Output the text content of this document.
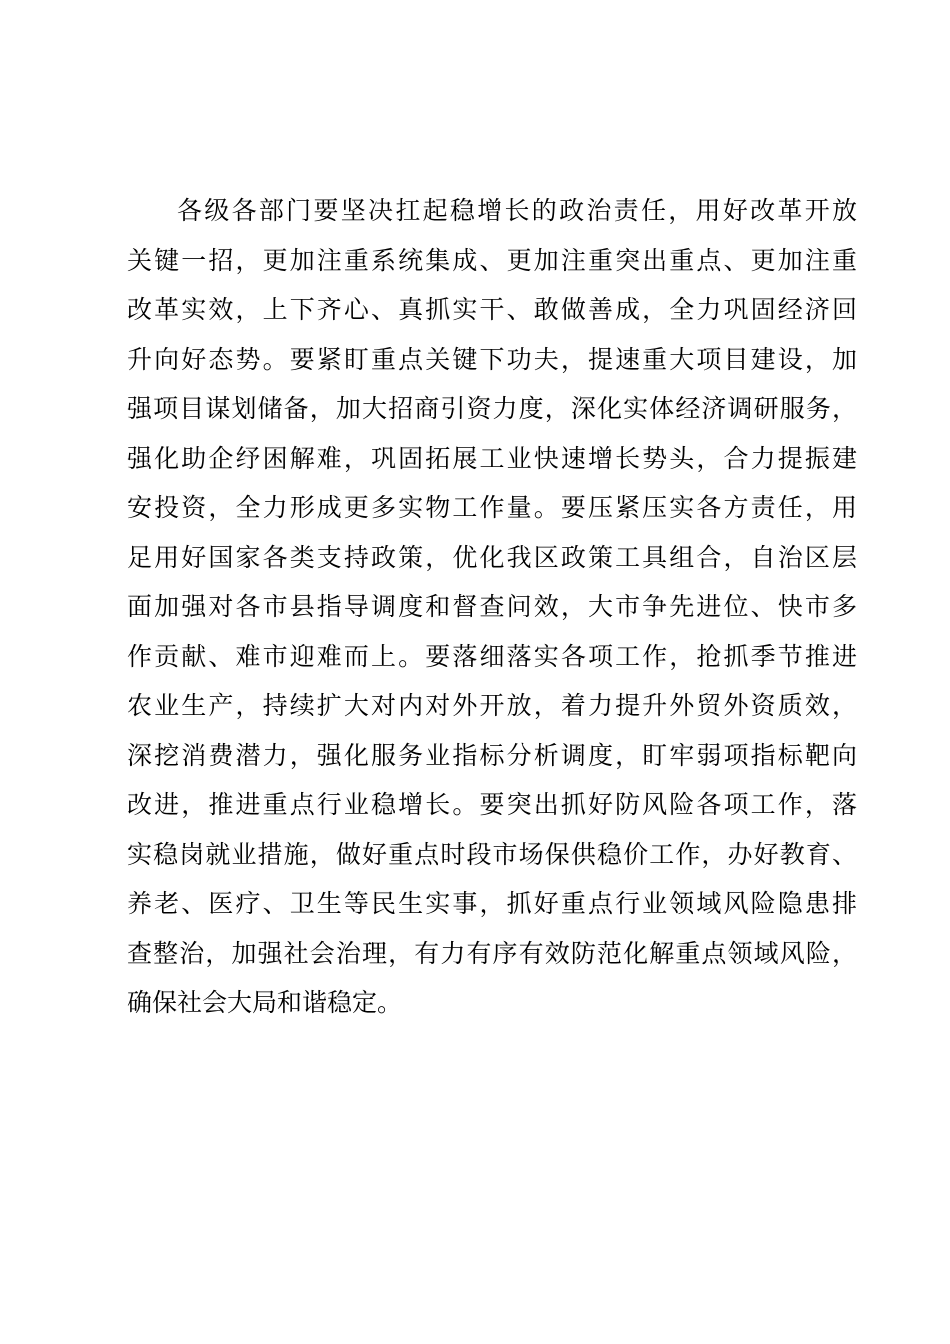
各级各部门要坚决扛起稳增长的政治责任，用好改革开放
关键一招，更加注重系统集成、更加注重突出重点、更加注重
改革实效，上下齐心、真抓实干、敢做善成，全力巩固经济回
升向好态势。要紧盯重点关键下功夫，提速重大项目建设，加
强项目谋划储备，加大招商引资力度，深化实体经济调研服务，
强化助企纾困解难，巩固拓展工业快速增长势头，合力提振建
安投资，全力形成更多实物工作量。要压紧压实各方责任，用
足用好国家各类支持政策，优化我区政策工具组合，自治区层
面加强对各市县指导调度和督查问效，大市争先进位、快市多
作贡献、难市迎难而上。要落细落实各项工作，抢抓季节推进
农业生产，持续扩大对内对外开放，着力提升外贸外资质效，
深挖消费潜力，强化服务业指标分析调度，盯牢弱项指标靶向
改进，推进重点行业稳增长。要突出抓好防风险各项工作，落
实稳岗就业措施，做好重点时段市场保供稳价工作，办好教育、
养老、医疗、卫生等民生实事，抓好重点行业领域风险隐患排
查整治，加强社会治理，有力有序有效防范化解重点领域风险，
确保社会大局和谐稳定。
